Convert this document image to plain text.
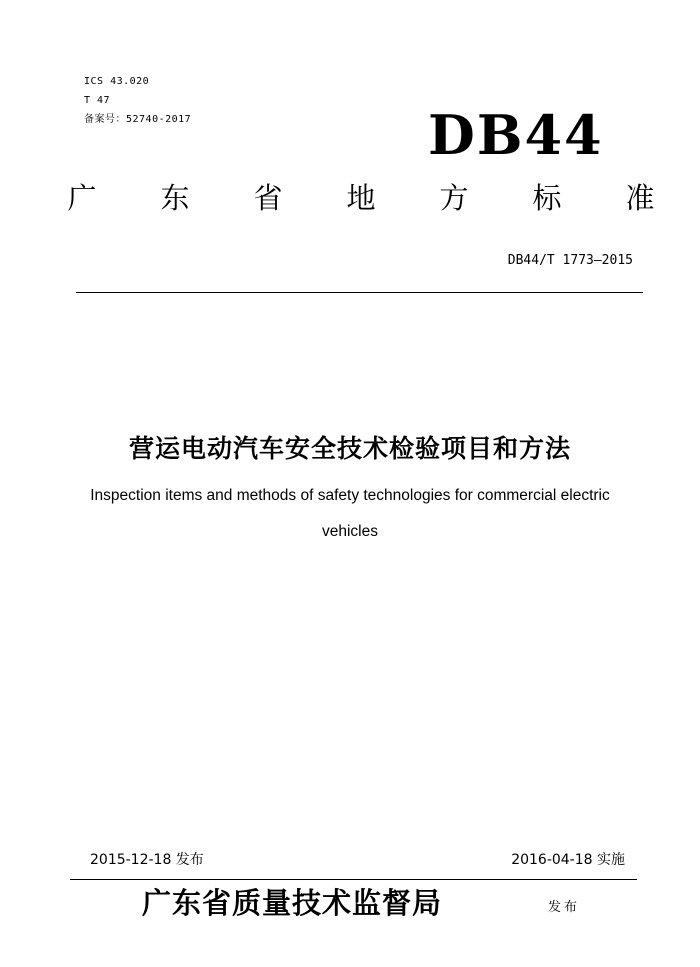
ICS 43.020
T 47
备案号：52740-2017	DB44
广 东 省 地 方 标 准
DB44/T 1773—2015
营运电动汽车安全技术检验项目和方法
Inspection items and methods of safety technologies for commercial electric
vehicles
2015-12-18 发布	2016-04-18 实施
广东省质量技术监督局	发布
